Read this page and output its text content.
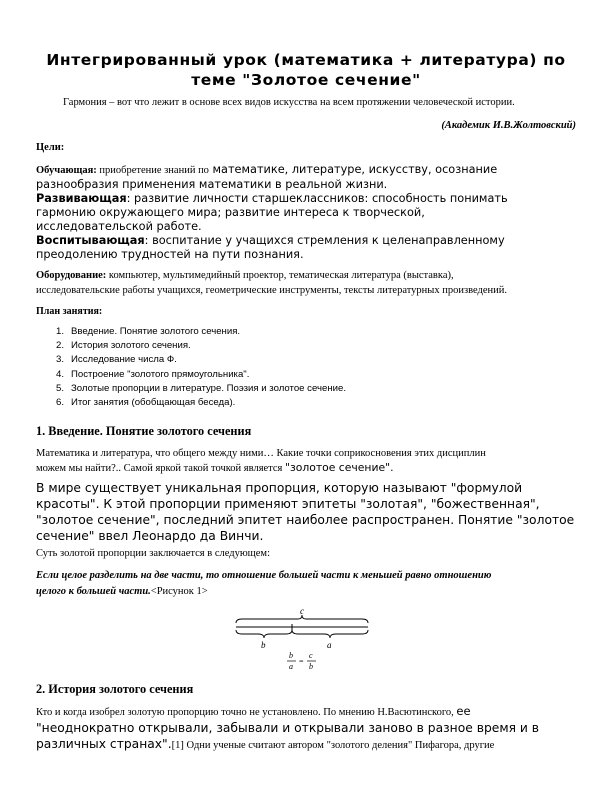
Интегрированный урок (математика + литература) по
теме "Золотое сечение"
Гармония – вот что лежит в основе всех видов искусства на всем протяжении человеческой истории.
(Академик И.В.Жолтовский)
Цели:
Обучающая: приобретение знаний по математике, литературе, искусству, осознание
разнообразия применения математики в реальной жизни.
Развивающая: развитие личности старшеклассников: способность понимать
гармонию окружающего мира; развитие интереса к творческой,
исследовательской работе.
Воспитывающая: воспитание у учащихся стремления к целенаправленному
преодолению трудностей на пути познания.
Оборудование: компьютер, мультимедийный проектор, тематическая литература (выставка),
исследовательские работы учащихся, геометрические инструменты, тексты литературных произведений.
План занятия:
1. Введение. Понятие золотого сечения.
2. История золотого сечения.
3. Исследование числа Ф.
4. Построение "золотого прямоугольника".
5. Золотые пропорции в литературе. Поэзия и золотое сечение.
6. Итог занятия (обобщающая беседа).
1. Введение. Понятие золотого сечения
Математика и литература, что общего между ними… Какие точки соприкосновения этих дисциплин
можем мы найти?.. Самой яркой такой точкой является "золотое сечение".
В мире существует уникальная пропорция, которую называют "формулой
красоты". К этой пропорции применяют эпитеты "золотая", "божественная",
"золотое сечение", последний эпитет наиболее распространен. Понятие "золотое
сечение" ввел Леонардо да Винчи.
Суть золотой пропорции заключается в следующем:
Если целое разделить на две части, то отношение большей части к меньшей равно отношению
целого к большей части.<Рисунок 1>
c
b	a
b
a
=
c
b
2. История золотого сечения
Кто и когда изобрел золотую пропорцию точно не установлено. По мнению Н.Васютинского, ее
"неоднократно открывали, забывали и открывали заново в разное время и в
различных странах".[1] Одни ученые считают автором "золотого деления" Пифагора, другие
